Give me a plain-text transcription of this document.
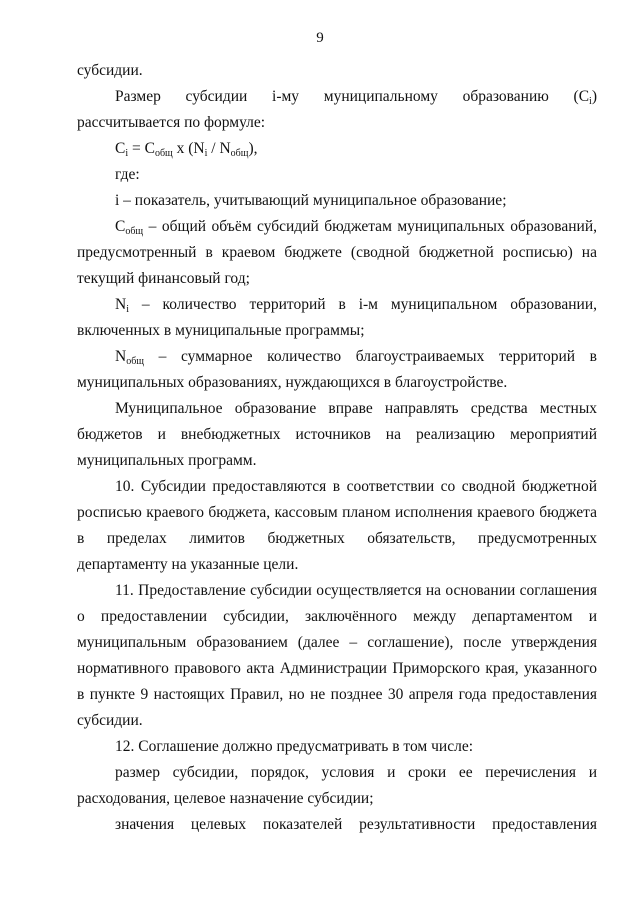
9

субсидии.

Размер субсидии i-му муниципальному образованию $(C_i)$ рассчитывается по формуле:

$C_i = C_{общ}$ x $(N_i / N_{общ})$,

где:

i – показатель, учитывающий муниципальное образование;

$C_{общ}$ – общий объём субсидий бюджетам муниципальных образований, предусмотренный в краевом бюджете (сводной бюджетной росписью) на текущий финансовый год;

$N_i$ – количество территорий в i-м муниципальном образовании, включенных в муниципальные программы;

$N_{общ}$ – суммарное количество благоустраиваемых территорий в муниципальных образованиях, нуждающихся в благоустройстве.

Муниципальное образование вправе направлять средства местных бюджетов и внебюджетных источников на реализацию мероприятий муниципальных программ.

10. Субсидии предоставляются в соответствии со сводной бюджетной росписью краевого бюджета, кассовым планом исполнения краевого бюджета в пределах лимитов бюджетных обязательств, предусмотренных департаменту на указанные цели.

11. Предоставление субсидии осуществляется на основании соглашения о предоставлении субсидии, заключённого между департаментом и муниципальным образованием (далее – соглашение), после утверждения нормативного правового акта Администрации Приморского края, указанного в пункте 9 настоящих Правил, но не позднее 30 апреля года предоставления субсидии.

12. Соглашение должно предусматривать в том числе:

размер субсидии, порядок, условия и сроки ее перечисления и расходования, целевое назначение субсидии;

значения целевых показателей результативности предоставления
